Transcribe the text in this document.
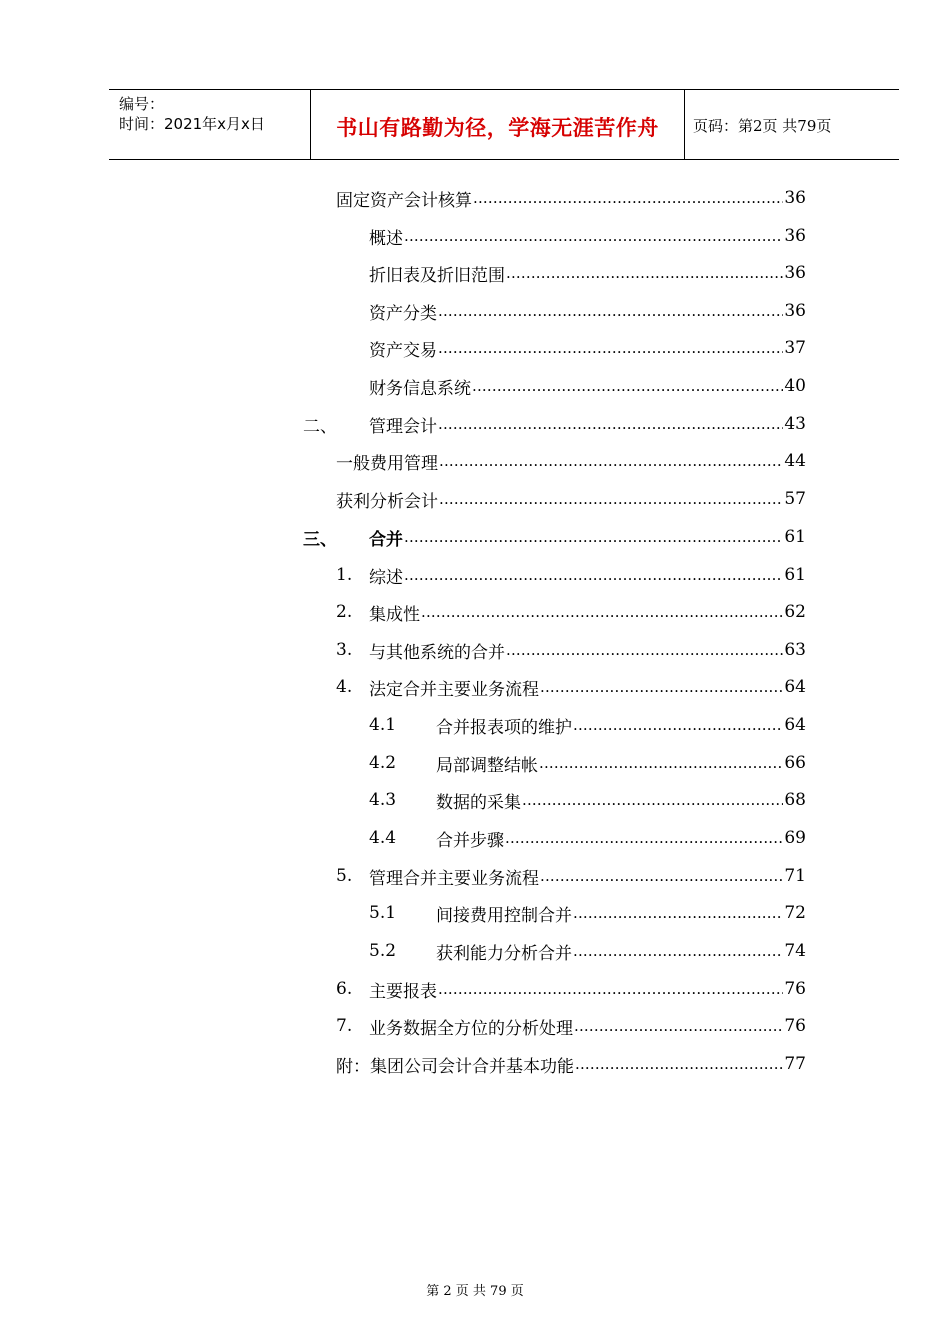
编号：
时间：2021年x月x日	书山有路勤为径，学海无涯苦作舟	页码：第2页 共79页
固定资产会计核算 .....	36
概述 .....	36
折旧表及折旧范围 .....	36
资产分类 .....	36
资产交易 .....	37
财务信息系统 .....	40
二、	管理会计 .....	43
一般费用管理 .....	44
获利分析会计 .....	57
三、	合并 .....	61
1. 综述 .....	61
2. 集成性 .....	62
3. 与其他系统的合并 .....	63
4. 法定合并主要业务流程 .....	64
4.1	合并报表项的维护 .....	64
4.2	局部调整结帐 .....	66
4.3	数据的采集 .....	68
4.4	合并步骤 .....	69
5. 管理合并主要业务流程 .....	71
5.1	间接费用控制合并 .....	72
5.2	获利能力分析合并 .....	74
6. 主要报表 .....	76
7. 业务数据全方位的分析处理 .....	76
附：集团公司会计合并基本功能 .....	77
第 2 页 共 79 页
